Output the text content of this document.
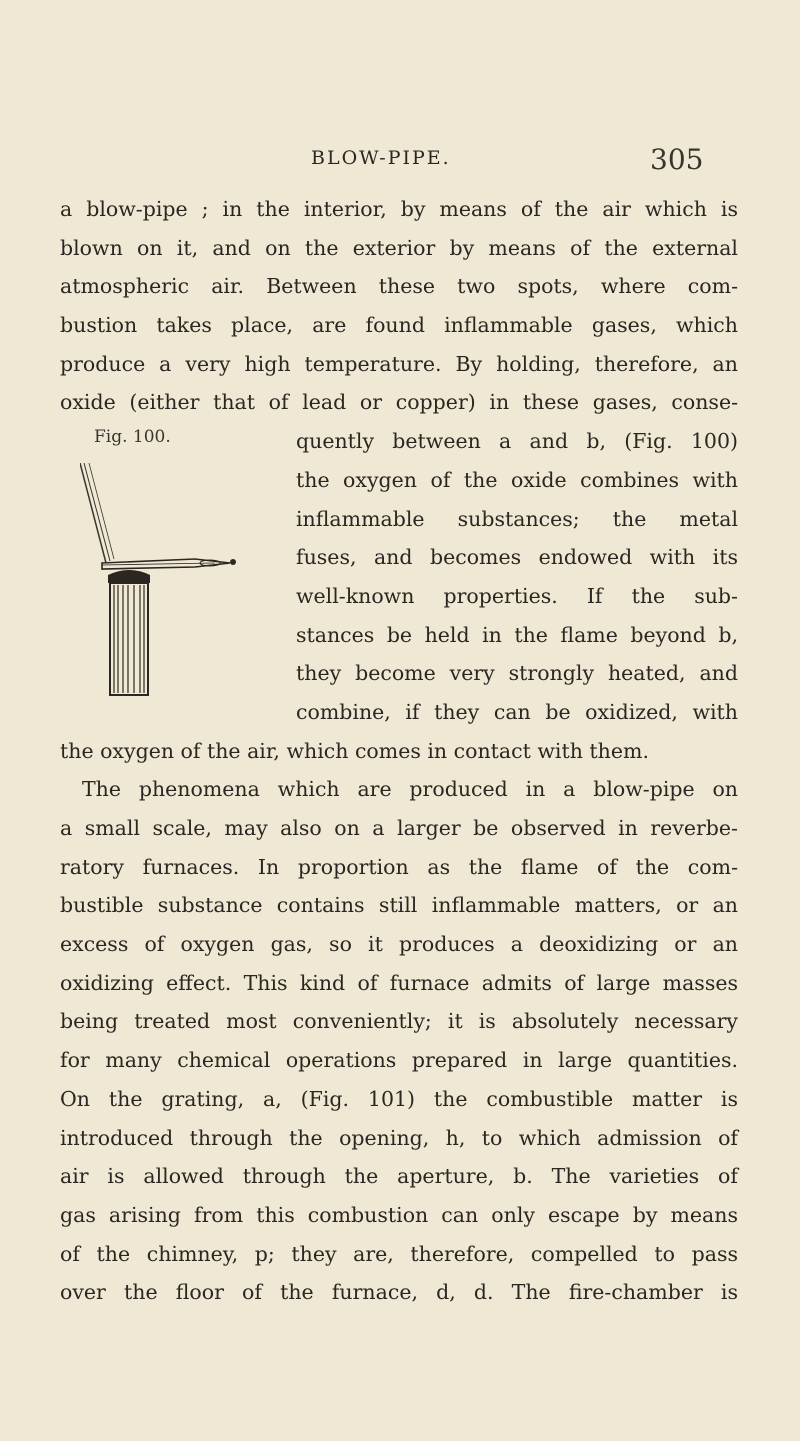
BLOW-PIPE.	305
Fig. 100.
a blow-pipe ; in the interior, by means of the air which is
blown on it, and on the exterior by means of the external
atmospheric air. Between these two spots, where com-
bustion takes place, are found inflammable gases, which
produce a very high temperature. By holding, therefore, an
oxide (either that of lead or copper) in these gases, conse-
quently between a and b, (Fig. 100)
the oxygen of the oxide combines with
inflammable substances; the metal
fuses, and becomes endowed with its
well-known properties. If the sub-
stances be held in the flame beyond b,
they become very strongly heated, and
combine, if they can be oxidized, with
the oxygen of the air, which comes in contact with them.
The phenomena which are produced in a blow-pipe on
a small scale, may also on a larger be observed in reverbe-
ratory furnaces. In proportion as the flame of the com-
bustible substance contains still inflammable matters, or an
excess of oxygen gas, so it produces a deoxidizing or an
oxidizing effect. This kind of furnace admits of large masses
being treated most conveniently; it is absolutely necessary
for many chemical operations prepared in large quantities.
On the grating, a, (Fig. 101) the combustible matter is
introduced through the opening, h, to which admission of
air is allowed through the aperture, b. The varieties of
gas arising from this combustion can only escape by means
of the chimney, p; they are, therefore, compelled to pass
over the floor of the furnace, d, d. The fire-chamber is
